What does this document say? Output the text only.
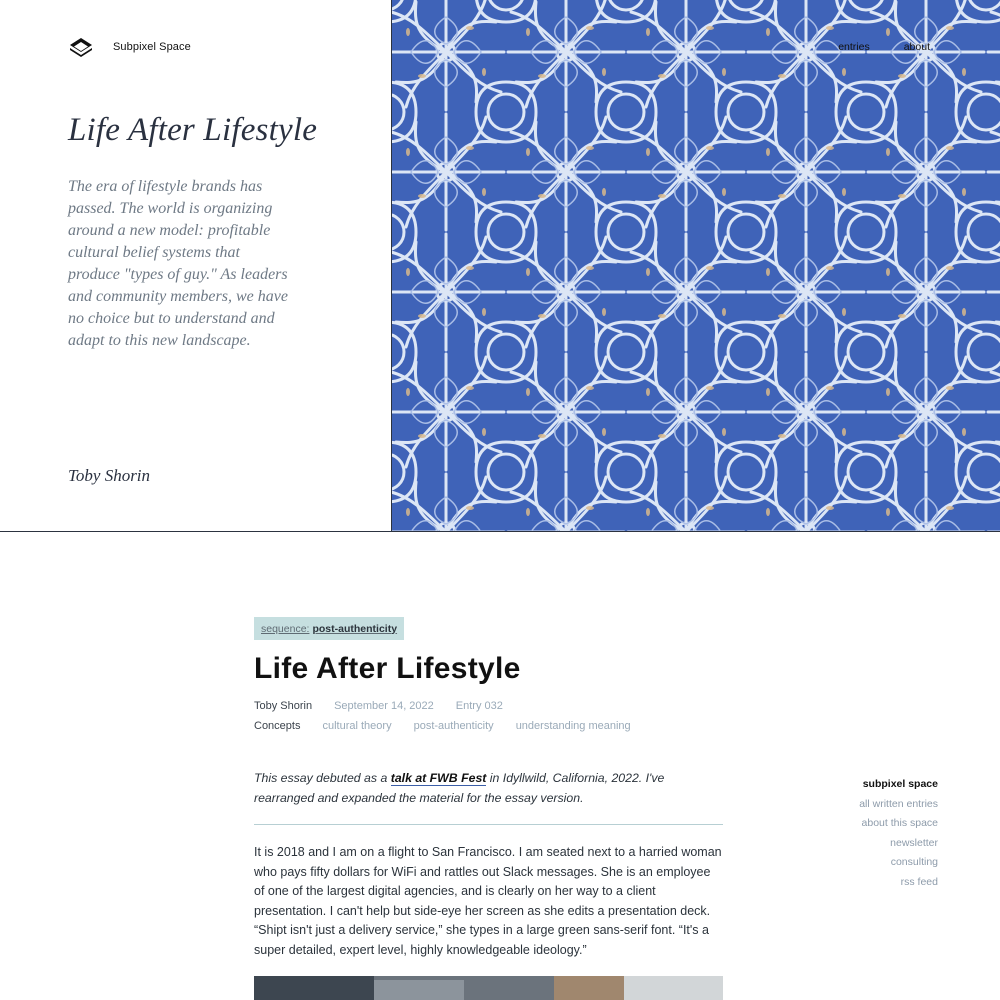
Subpixel Space
Life After Lifestyle

The era of lifestyle brands has passed. The world is organizing around a new model: profitable cultural belief systems that produce "types of guy." As leaders and community members, we have no choice but to understand and adapt to this new landscape.

Toby Shorin
entries	about
sequence: post-authenticity
Life After Lifestyle
Toby Shorin September 14, 2022 Entry 032
Concepts cultural theory post-authenticity understanding meaning

This essay debuted as a talk at FWB Fest in Idyllwild, California, 2022. I've rearranged and expanded the material for the essay version.

It is 2018 and I am on a flight to San Francisco. I am seated next to a harried woman who pays fifty dollars for WiFi and rattles out Slack messages. She is an employee of one of the largest digital agencies, and is clearly on her way to a client presentation. I can't help but side-eye her screen as she edits a presentation deck. “Shipt isn't just a delivery service,” she types in a large green sans-serif font. “It's a super detailed, expert level, highly knowledgeable ideology.”

subpixel space
all written entries
about this space
newsletter
consulting
rss feed
